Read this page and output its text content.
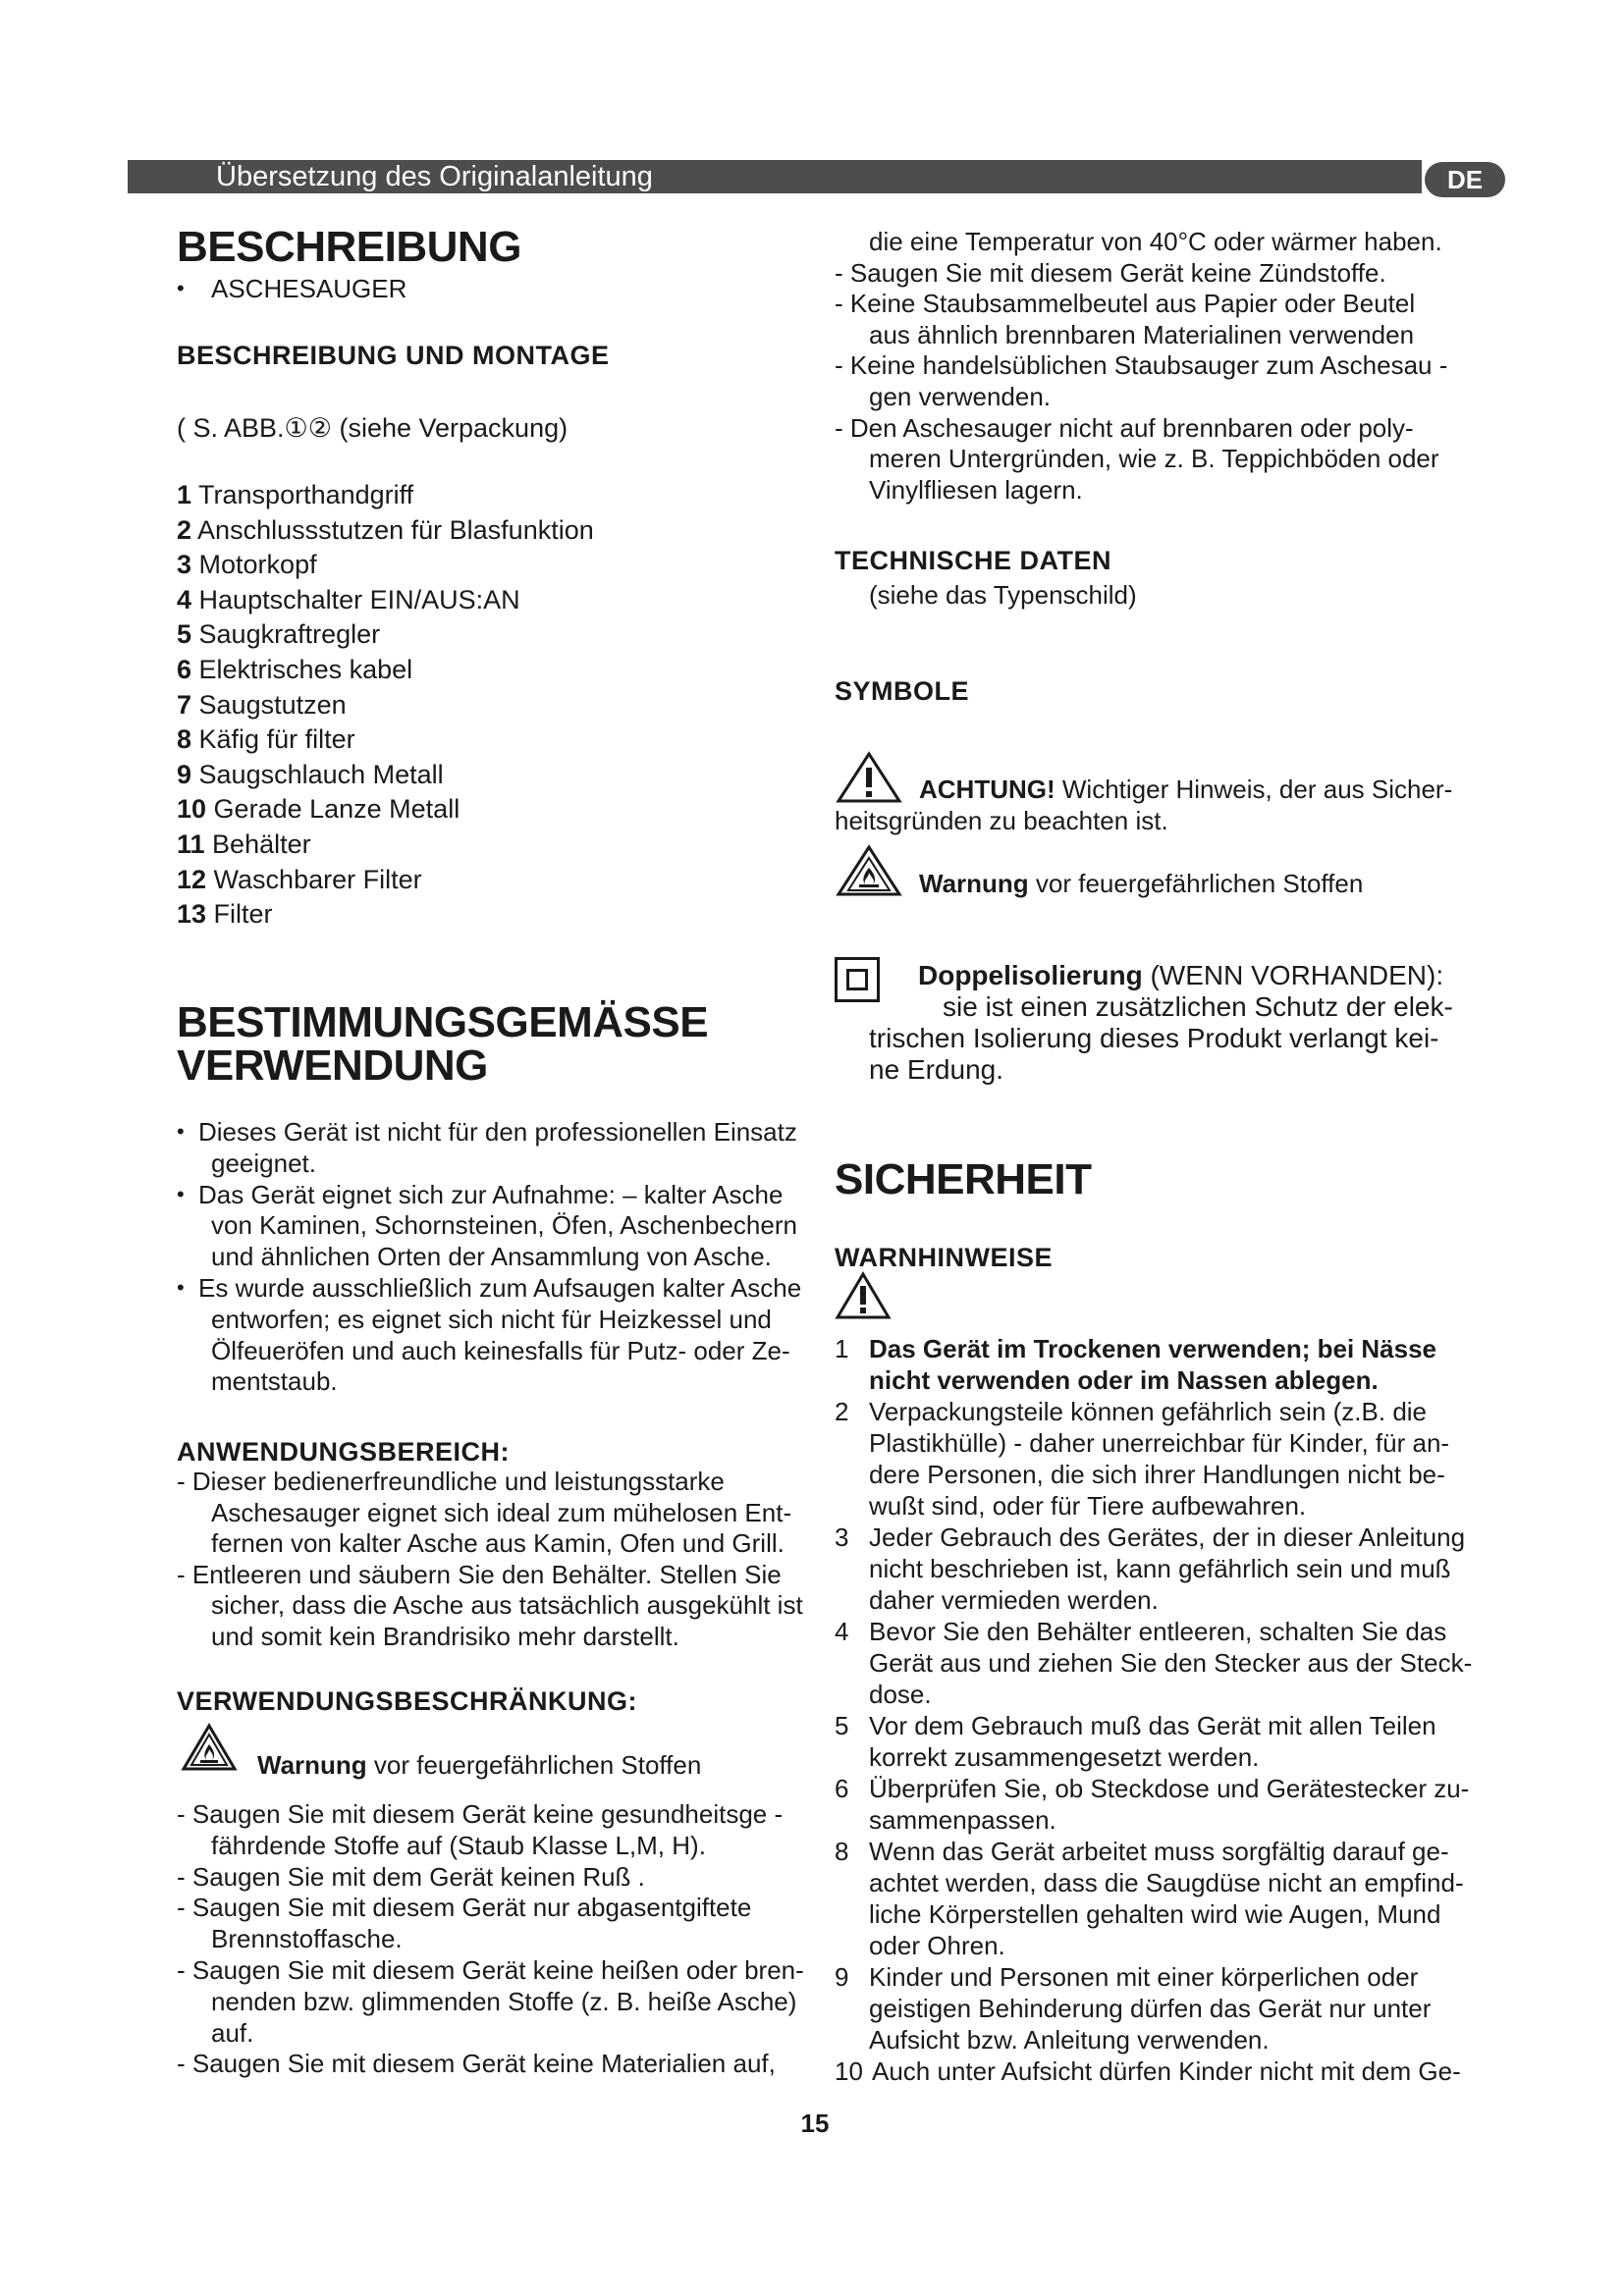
Übersetzung des Originalanleitung	DE
BESCHREIBUNG
• ASCHESAUGER
BESCHREIBUNG UND MONTAGE
( S. ABB.①② (siehe Verpackung)
1 Transporthandgriff
2 Anschlussstutzen für Blasfunktion
3 Motorkopf
4 Hauptschalter EIN/AUS:AN
5 Saugkraftregler
6 Elektrisches kabel
7 Saugstutzen
8 Käfig für filter
9 Saugschlauch Metall
10 Gerade Lanze Metall
11 Behälter
12 Waschbarer Filter
13 Filter
BESTIMMUNGSGEMÄSSE
VERWENDUNG
• Dieses Gerät ist nicht für den professionellen Einsatz
geeignet.
• Das Gerät eignet sich zur Aufnahme: – kalter Asche
von Kaminen, Schornsteinen, Öfen, Aschenbechern
und ähnlichen Orten der Ansammlung von Asche.
• Es wurde ausschließlich zum Aufsaugen kalter Asche
entworfen; es eignet sich nicht für Heizkessel und
Ölfeueröfen und auch keinesfalls für Putz- oder Ze-
mentstaub.
ANWENDUNGSBEREICH:
- Dieser bedienerfreundliche und leistungsstarke
Aschesauger eignet sich ideal zum mühelosen Ent-
fernen von kalter Asche aus Kamin, Ofen und Grill.
- Entleeren und säubern Sie den Behälter. Stellen Sie
sicher, dass die Asche aus tatsächlich ausgekühlt ist
und somit kein Brandrisiko mehr darstellt.
VERWENDUNGSBESCHRÄNKUNG:
Warnung vor feuergefährlichen Stoffen
- Saugen Sie mit diesem Gerät keine gesundheitsge -
fährdende Stoffe auf (Staub Klasse L,M, H).
- Saugen Sie mit dem Gerät keinen Ruß .
- Saugen Sie mit diesem Gerät nur abgasentgiftete
Brennstoffasche.
- Saugen Sie mit diesem Gerät keine heißen oder bren-
nenden bzw. glimmenden Stoffe (z. B. heiße Asche)
auf.
- Saugen Sie mit diesem Gerät keine Materialien auf,
die eine Temperatur von 40°C oder wärmer haben.
- Saugen Sie mit diesem Gerät keine Zündstoffe.
- Keine Staubsammelbeutel aus Papier oder Beutel
aus ähnlich brennbaren Materialinen verwenden
- Keine handelsüblichen Staubsauger zum Aschesau -
gen verwenden.
- Den Aschesauger nicht auf brennbaren oder poly-
meren Untergründen, wie z. B. Teppichböden oder
Vinylfliesen lagern.
TECHNISCHE DATEN
(siehe das Typenschild)
SYMBOLE
ACHTUNG! Wichtiger Hinweis, der aus Sicher-
heitsgründen zu beachten ist.
Warnung vor feuergefährlichen Stoffen
Doppelisolierung (WENN VORHANDEN):
sie ist einen zusätzlichen Schutz der elek-
trischen Isolierung dieses Produkt verlangt kei-
ne Erdung.
SICHERHEIT
WARNHINWEISE
1 Das Gerät im Trockenen verwenden; bei Nässe
nicht verwenden oder im Nassen ablegen.
2 Verpackungsteile können gefährlich sein (z.B. die
Plastikhülle) - daher unerreichbar für Kinder, für an-
dere Personen, die sich ihrer Handlungen nicht be-
wußt sind, oder für Tiere aufbewahren.
3 Jeder Gebrauch des Gerätes, der in dieser Anleitung
nicht beschrieben ist, kann gefährlich sein und muß
daher vermieden werden.
4 Bevor Sie den Behälter entleeren, schalten Sie das
Gerät aus und ziehen Sie den Stecker aus der Steck-
dose.
5 Vor dem Gebrauch muß das Gerät mit allen Teilen
korrekt zusammengesetzt werden.
6 Überprüfen Sie, ob Steckdose und Gerätestecker zu-
sammenpassen.
8 Wenn das Gerät arbeitet muss sorgfältig darauf ge-
achtet werden, dass die Saugdüse nicht an empfind-
liche Körperstellen gehalten wird wie Augen, Mund
oder Ohren.
9 Kinder und Personen mit einer körperlichen oder
geistigen Behinderung dürfen das Gerät nur unter
Aufsicht bzw. Anleitung verwenden.
10 Auch unter Aufsicht dürfen Kinder nicht mit dem Ge-
15
